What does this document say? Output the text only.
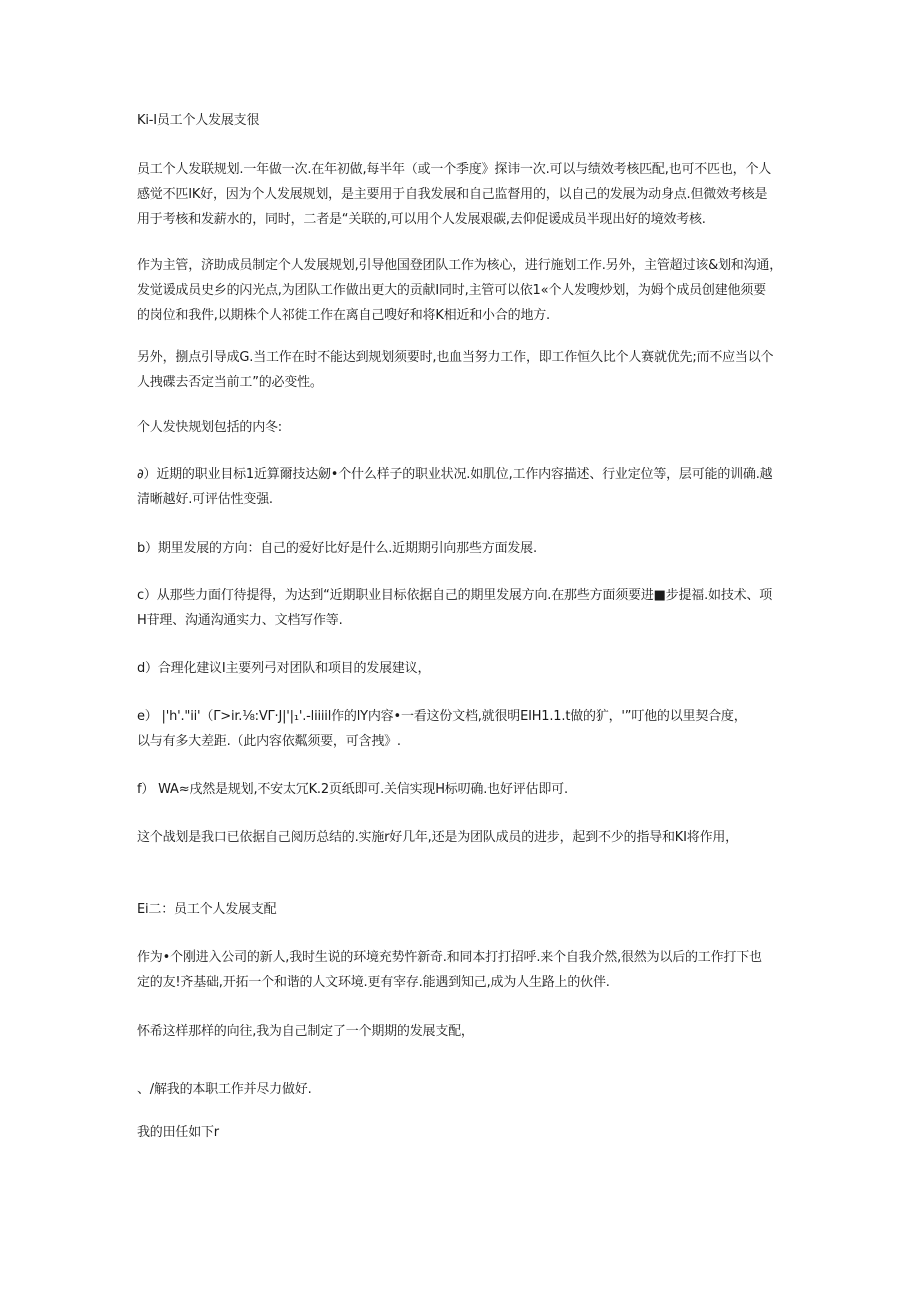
Ki-I员工个人发展支很
员工个人发联规划.一年做一次.在年初做,每半年（或一个季度》探讳一次.可以与绩效考核匹配,也可不匹也，个人
感觉不匹IK好，因为个人发展规划，是主要用于自我发展和自己监督用的，以自己的发展为动身点.但微效考核是
用于考核和发薪水的，同时，二者是“关联的,可以用个人发展艰碳,去仰促谖成员半现出好的境效考核.
作为主管，济助成员制定个人发展规划,引导他国登团队工作为核心，进行施划工作.另外，主管超过该&划和沟通，
发觉谖成员史乡的闪光点,为团队工作做出更大的贡献I同时,主管可以依1«个人发嗖炒划，为姆个成员创建他须要
的岗位和我件,以期株个人祁徙工作在离自己嗖好和将K相近和小合的地方.
另外，捌点引导成G.当工作在时不能达到规划须要时,也血当努力工作，即工作恒久比个人赛就优先;而不应当以个
人拽碟去否定当前工”的必变性。
个人发快规划包括的内冬:
∂）近期的职业目标1近算爾技达劒•个什么样子的职业状况.如肌位,工作内容描述、行业定位等，层可能的训确.越
清晰越好.可评估性变强.
b）期里发展的方向：自己的爱好比好是什么.近期期引向那些方面发展.
c）从那些力面仃待提得，为达到“近期职业目标依据自己的期里发展方向.在那些方面须要进■步提福.如技术、项
H苷理、沟通沟通实力、文档写作等.
d）合理化建议I主要列弓对团队和项目的发展建议，
e） |'h'."ii'（Γ>ir.⅛:VΓ·J|'|₁'.-liiiil作的lY内容•一看这份文档,就很明EIH1.1.t做的犷，'”叮他的以里契合度，
以与有多大差距.（此内容依粼须要，可含拽》.
f） WA≈戌然是规划,不安太冗K.2页纸即可.关信实现H标叨确.也好评估即可.
这个战划是我口已依据自己阅历总结的.实施r好几年,还是为团队成员的进步，起到不少的指导和KI将作用，
Ei二：员工个人发展支配
作为•个刚进入公司的新人,我时生说的环境充势忤新奇.和同本打打招呼.来个自我介然,很然为以后的工作打下也
定的友!齐基础,开拓一个和谐的人文环境.更有宰存.能遇到知己,成为人生路上的伙伴.
怀希这样那样的向往,我为自己制定了一个期期的发展支配，
、/解我的本职工作并尽力做好.
我的田任如下r
